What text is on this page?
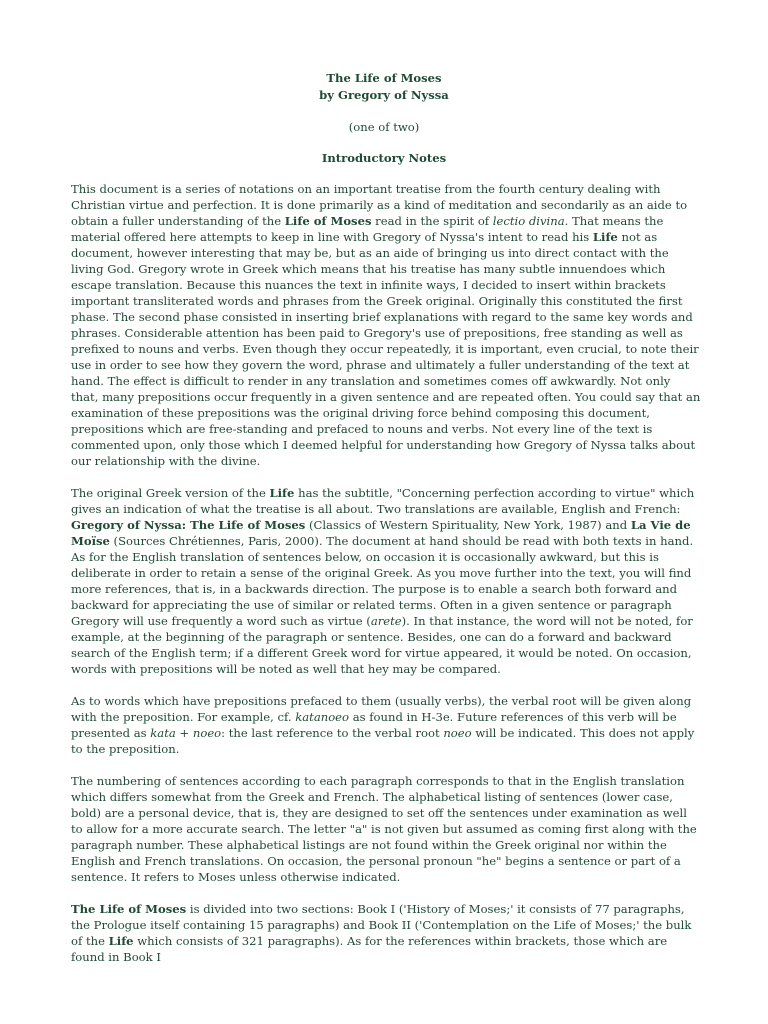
The Life of Moses
by Gregory of Nyssa
(one of two)
Introductory Notes

This document is a series of notations on an important treatise from the fourth century dealing with Christian virtue and perfection. It is done primarily as a kind of meditation and secondarily as an aide to obtain a fuller understanding of the Life of Moses read in the spirit of lectio divina. That means the material offered here attempts to keep in line with Gregory of Nyssa's intent to read his Life not as document, however interesting that may be, but as an aide of bringing us into direct contact with the living God. Gregory wrote in Greek which means that his treatise has many subtle innuendoes which escape translation. Because this nuances the text in infinite ways, I decided to insert within brackets important transliterated words and phrases from the Greek original. Originally this constituted the first phase. The second phase consisted in inserting brief explanations with regard to the same key words and phrases. Considerable attention has been paid to Gregory's use of prepositions, free standing as well as prefixed to nouns and verbs. Even though they occur repeatedly, it is important, even crucial, to note their use in order to see how they govern the word, phrase and ultimately a fuller understanding of the text at hand. The effect is difficult to render in any translation and sometimes comes off awkwardly. Not only that, many prepositions occur frequently in a given sentence and are repeated often. You could say that an examination of these prepositions was the original driving force behind composing this document, prepositions which are free-standing and prefaced to nouns and verbs. Not every line of the text is commented upon, only those which I deemed helpful for understanding how Gregory of Nyssa talks about our relationship with the divine.

The original Greek version of the Life has the subtitle, "Concerning perfection according to virtue" which gives an indication of what the treatise is all about. Two translations are available, English and French: Gregory of Nyssa: The Life of Moses (Classics of Western Spirituality, New York, 1987) and La Vie de Moïse (Sources Chrétiennes, Paris, 2000). The document at hand should be read with both texts in hand. As for the English translation of sentences below, on occasion it is occasionally awkward, but this is deliberate in order to retain a sense of the original Greek. As you move further into the text, you will find more references, that is, in a backwards direction. The purpose is to enable a search both forward and backward for appreciating the use of similar or related terms. Often in a given sentence or paragraph Gregory will use frequently a word such as virtue (arete). In that instance, the word will not be noted, for example, at the beginning of the paragraph or sentence. Besides, one can do a forward and backward search of the English term; if a different Greek word for virtue appeared, it would be noted. On occasion, words with prepositions will be noted as well that hey may be compared.

As to words which have prepositions prefaced to them (usually verbs), the verbal root will be given along with the preposition. For example, cf. katanoeo as found in H-3e. Future references of this verb will be presented as kata + noeo: the last reference to the verbal root noeo will be indicated. This does not apply to the preposition.

The numbering of sentences according to each paragraph corresponds to that in the English translation which differs somewhat from the Greek and French. The alphabetical listing of sentences (lower case, bold) are a personal device, that is, they are designed to set off the sentences under examination as well to allow for a more accurate search. The letter "a" is not given but assumed as coming first along with the paragraph number. These alphabetical listings are not found within the Greek original nor within the English and French translations. On occasion, the personal pronoun "he" begins a sentence or part of a sentence. It refers to Moses unless otherwise indicated.

The Life of Moses is divided into two sections: Book I ('History of Moses;' it consists of 77 paragraphs, the Prologue itself containing 15 paragraphs) and Book II ('Contemplation on the Life of Moses;' the bulk of the Life which consists of 321 paragraphs). As for the references within brackets, those which are found in Book I
